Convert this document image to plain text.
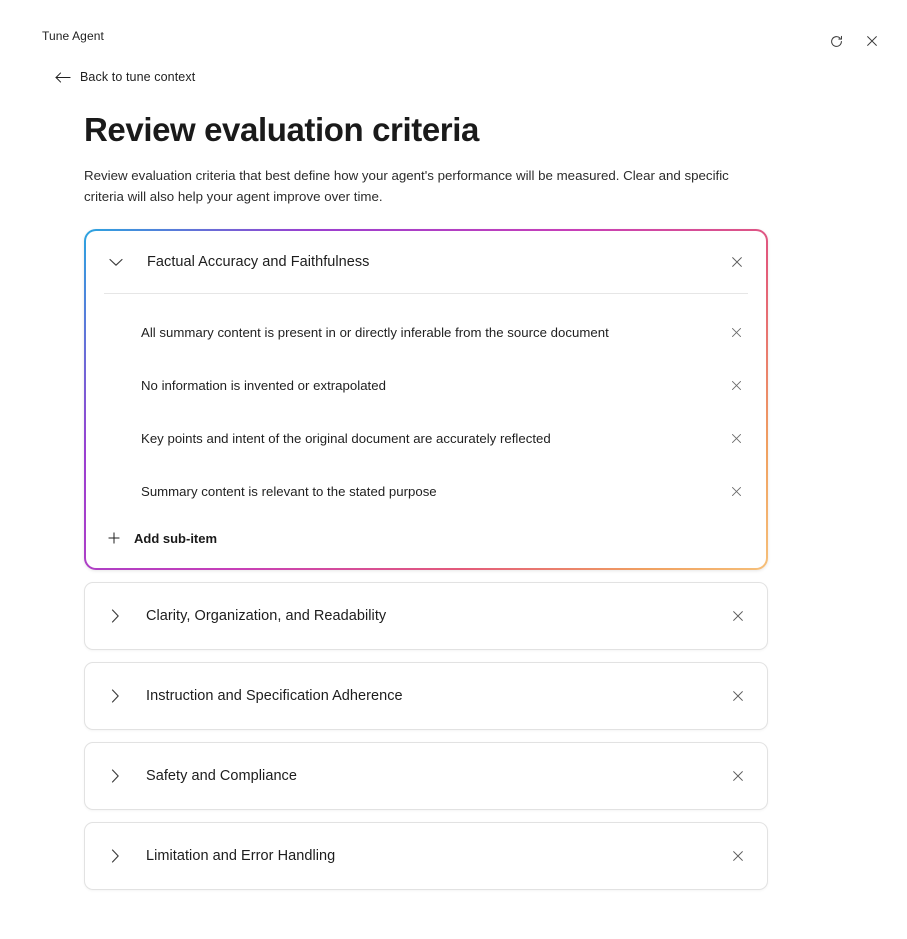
Tune Agent
Back to tune context
Review evaluation criteria

Review evaluation criteria that best define how your agent's performance will be measured. Clear and specific criteria will also help your agent improve over time.

Factual Accuracy and Faithfulness
All summary content is present in or directly inferable from the source document
No information is invented or extrapolated
Key points and intent of the original document are accurately reflected
Summary content is relevant to the stated purpose
Add sub-item
Clarity, Organization, and Readability
Instruction and Specification Adherence
Safety and Compliance
Limitation and Error Handling
